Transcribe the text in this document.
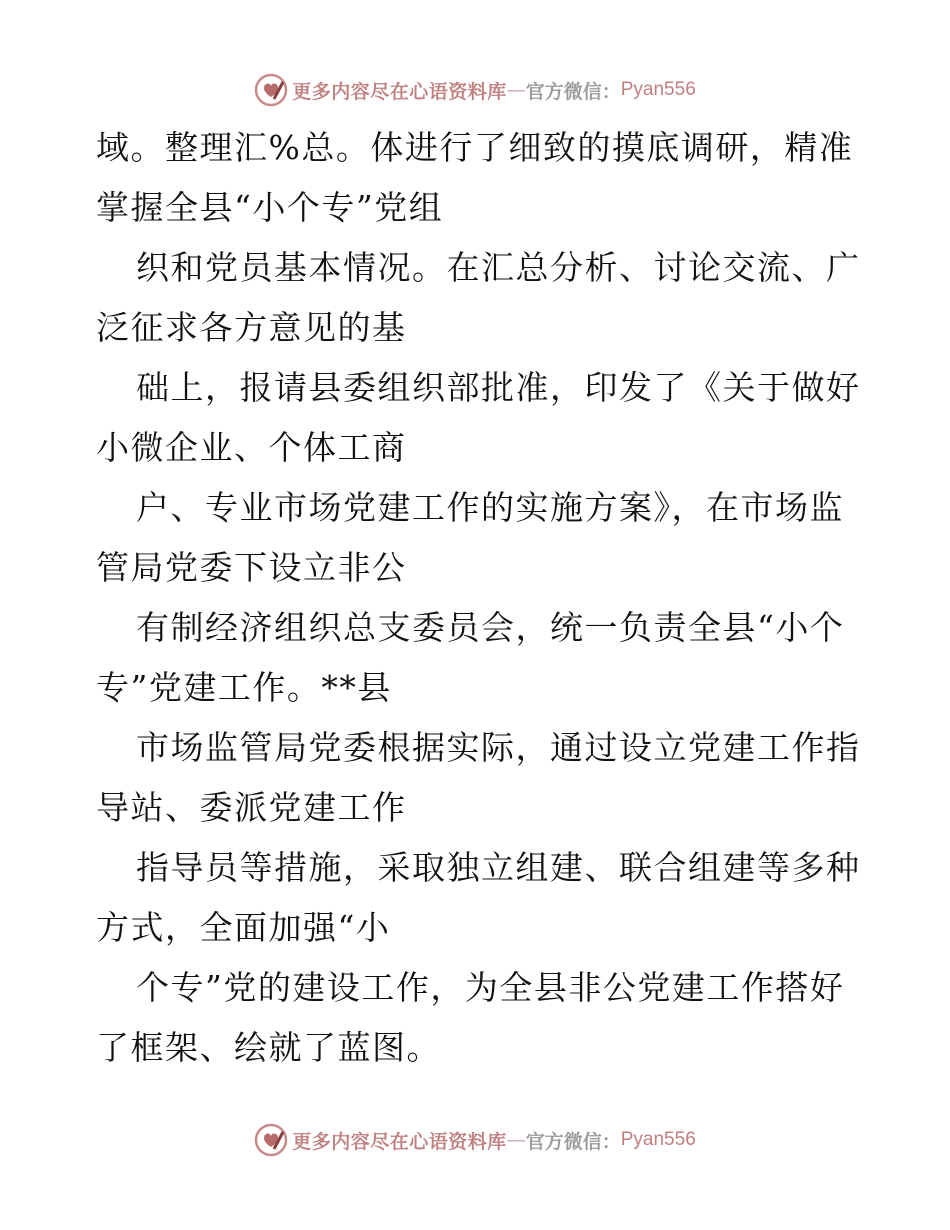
更多内容尽在心语资料库 — 官方微信： Pyan556
域。整理汇%总。体进行了细致的摸底调研，精准
掌握全县“小个专”党组
织和党员基本情况。在汇总分析、讨论交流、广
泛征求各方意见的基
础上，报请县委组织部批准，印发了《关于做好
小微企业、个体工商
户、专业市场党建工作的实施方案》，在市场监
管局党委下设立非公
有制经济组织总支委员会，统一负责全县“小个
专”党建工作。**县
市场监管局党委根据实际，通过设立党建工作指
导站、委派党建工作
指导员等措施，采取独立组建、联合组建等多种
方式，全面加强“小
个专”党的建设工作，为全县非公党建工作搭好
了框架、绘就了蓝图。
更多内容尽在心语资料库 — 官方微信： Pyan556
